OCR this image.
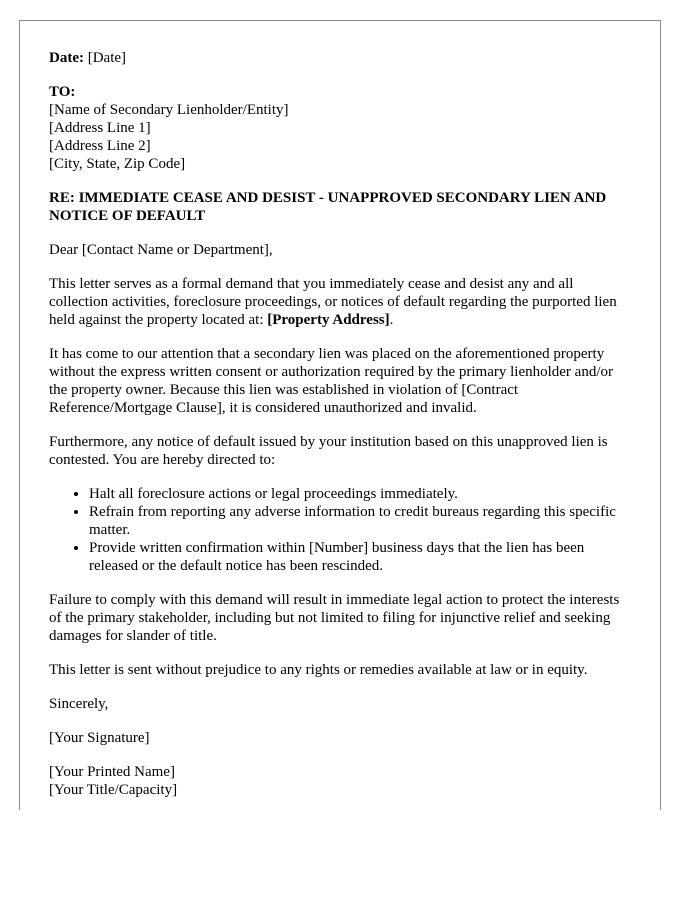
Date: [Date]

TO:
[Name of Secondary Lienholder/Entity]
[Address Line 1]
[Address Line 2]
[City, State, Zip Code]

RE: IMMEDIATE CEASE AND DESIST - UNAPPROVED SECONDARY LIEN AND NOTICE OF DEFAULT

Dear [Contact Name or Department],

This letter serves as a formal demand that you immediately cease and desist any and all collection activities, foreclosure proceedings, or notices of default regarding the purported lien held against the property located at: [Property Address].

It has come to our attention that a secondary lien was placed on the aforementioned property without the express written consent or authorization required by the primary lienholder and/or the property owner. Because this lien was established in violation of [Contract Reference/Mortgage Clause], it is considered unauthorized and invalid.

Furthermore, any notice of default issued by your institution based on this unapproved lien is contested. You are hereby directed to:

• Halt all foreclosure actions or legal proceedings immediately.
• Refrain from reporting any adverse information to credit bureaus regarding this specific matter.
• Provide written confirmation within [Number] business days that the lien has been released or the default notice has been rescinded.

Failure to comply with this demand will result in immediate legal action to protect the interests of the primary stakeholder, including but not limited to filing for injunctive relief and seeking damages for slander of title.

This letter is sent without prejudice to any rights or remedies available at law or in equity.

Sincerely,

[Your Signature]

[Your Printed Name]
[Your Title/Capacity]
